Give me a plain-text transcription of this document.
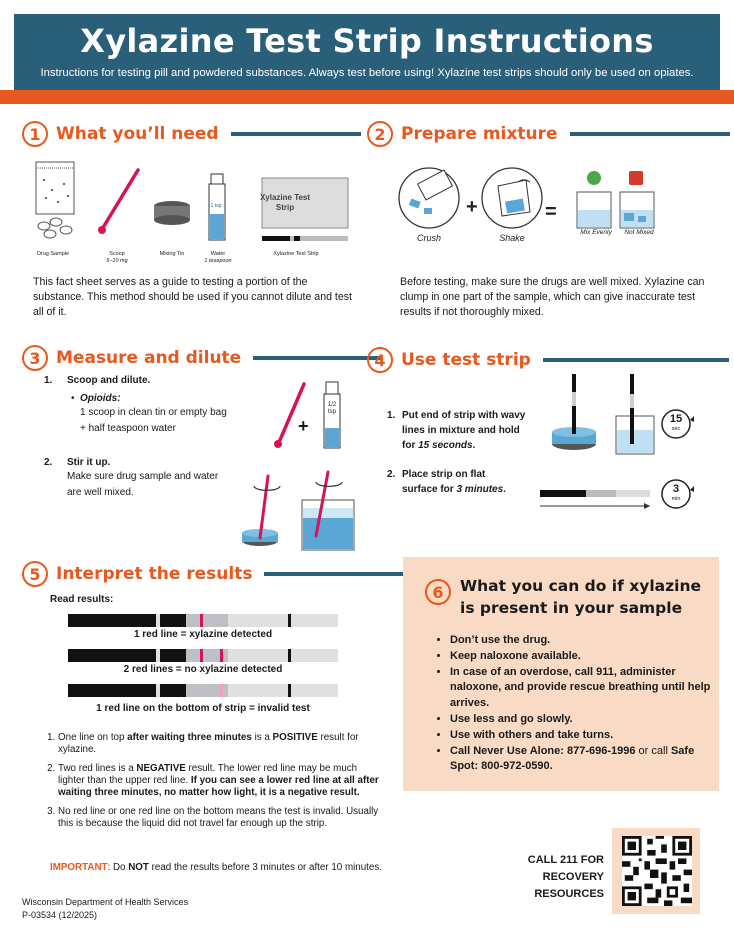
Xylazine Test Strip Instructions
Instructions for testing pill and powdered substances. Always test before using! Xylazine test strips should only be used on opiates.
1 What you’ll need
Xylazine Test Strip
1 tsp
Drug Sample	Scoop
5–10 mg
Mixing Tin	Water
1 teaspoon
Xylazine Test Strip
This fact sheet serves as a guide to testing a portion of the substance. This method should be used if you cannot dilute and test all of it.
2 Prepare mixture
+	=
Crush	Shake
Mix Evenly	Not Mixed
Before testing, make sure the drugs are well mixed. Xylazine can clump in one part of the sample, which can give inaccurate test results if not thoroughly mixed.
3 Measure and dilute
1. Scoop and dilute.
• Opioids:
1 scoop in clean tin or empty bag
+ half teaspoon water
2. Stir it up.
Make sure drug sample and water
are well mixed.
+
1/2 tsp
4 Use test strip
1. Put end of strip with wavy
lines in mixture and hold
for 15 seconds.
2. Place strip on flat
surface for 3 minutes.
15
sec
3
min
5 Interpret the results
Read results:
1 red line = xylazine detected
2 red lines = no xylazine detected
1 red line on the bottom of strip = invalid test
1. One line on top after waiting three minutes is a POSITIVE result for xylazine.
2. Two red lines is a NEGATIVE result. The lower red line may be much lighter than the upper red line. If you can see a lower red line at all after waiting three minutes, no matter how light, it is a negative result.
3. No red line or one red line on the bottom means the test is invalid. Usually this is because the liquid did not travel far enough up the strip.
IMPORTANT: Do NOT read the results before 3 minutes or after 10 minutes.
6	What you can do if xylazine
is present in your sample
• Don’t use the drug.
• Keep naloxone available.
• In case of an overdose, call 911, administer naloxone, and provide rescue breathing until help arrives.
• Use less and go slowly.
• Use with others and take turns.
• Call Never Use Alone: 877-696-1996 or call Safe Spot: 800-972-0590.
Wisconsin Department of Health Services
P-03534 (12/2025)
CALL 211 FOR
RECOVERY
RESOURCES
